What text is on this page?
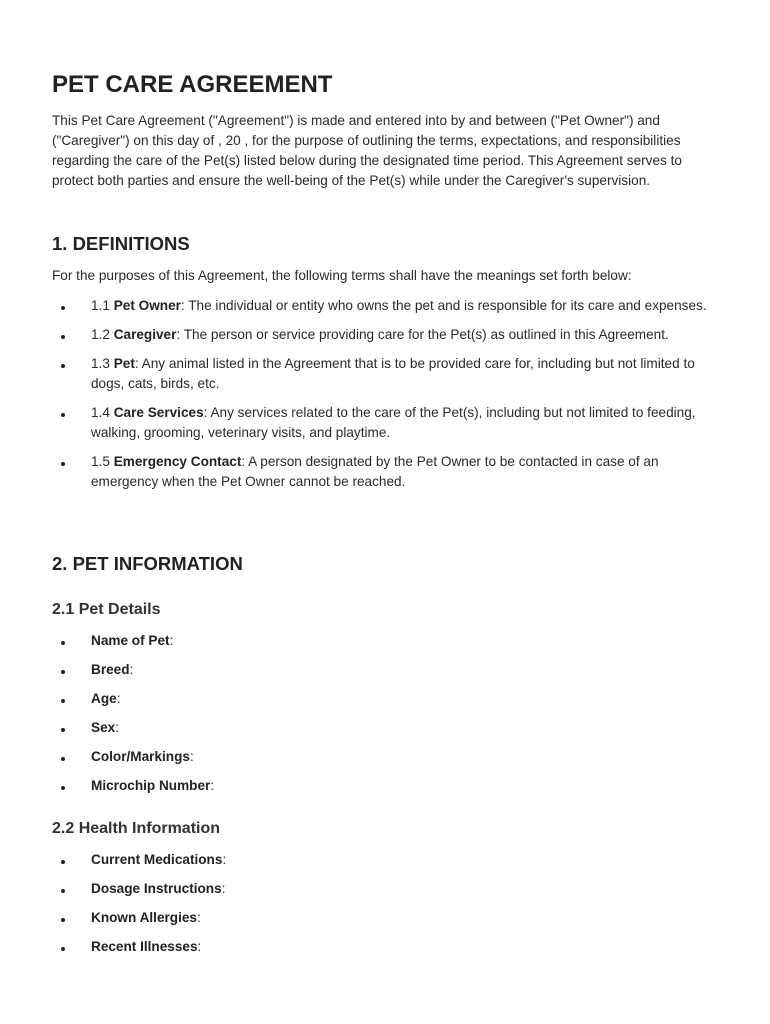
PET CARE AGREEMENT

This Pet Care Agreement ("Agreement") is made and entered into by and between ("Pet Owner") and ("Caregiver") on this day of , 20 , for the purpose of outlining the terms, expectations, and responsibilities regarding the care of the Pet(s) listed below during the designated time period. This Agreement serves to protect both parties and ensure the well-being of the Pet(s) while under the Caregiver's supervision.

1. DEFINITIONS

For the purposes of this Agreement, the following terms shall have the meanings set forth below:

1.1 Pet Owner: The individual or entity who owns the pet and is responsible for its care and expenses.
1.2 Caregiver: The person or service providing care for the Pet(s) as outlined in this Agreement.
1.3 Pet: Any animal listed in the Agreement that is to be provided care for, including but not limited to dogs, cats, birds, etc.
1.4 Care Services: Any services related to the care of the Pet(s), including but not limited to feeding, walking, grooming, veterinary visits, and playtime.
1.5 Emergency Contact: A person designated by the Pet Owner to be contacted in case of an emergency when the Pet Owner cannot be reached.
2. PET INFORMATION
2.1 Pet Details
Name of Pet:
Breed:
Age:
Sex:
Color/Markings:
Microchip Number:
2.2 Health Information
Current Medications:
Dosage Instructions:
Known Allergies:
Recent Illnesses:
